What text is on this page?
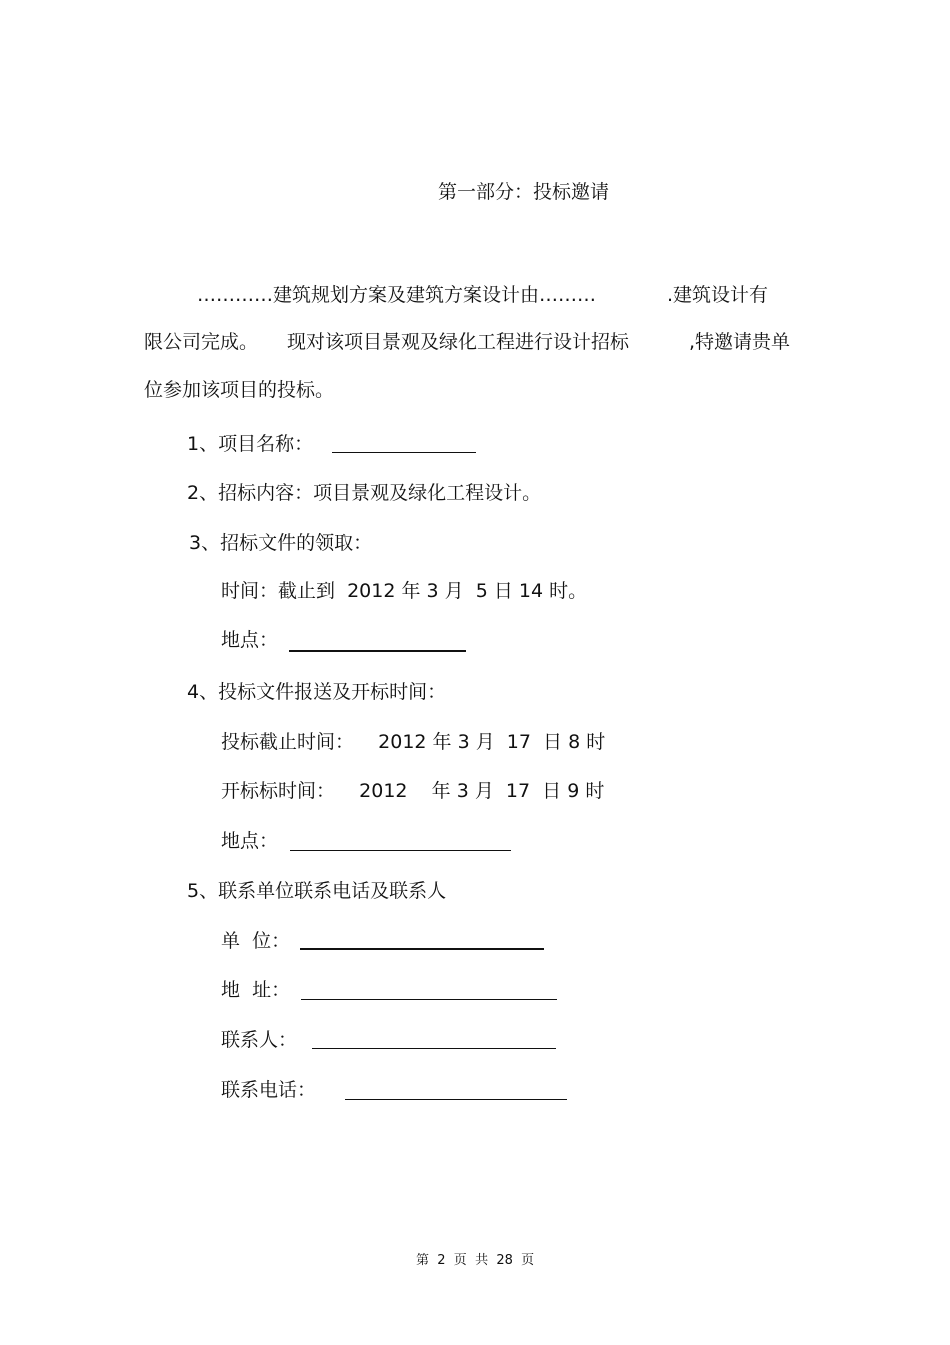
第一部分：投标邀请
…………建筑规划方案及建筑方案设计由………	.建筑设计有
限公司完成。 现对该项目景观及绿化工程进行设计招标	,特邀请贵单
位参加该项目的投标。
1、项目名称：
2、招标内容：项目景观及绿化工程设计。
3、招标文件的领取：
时间：截止到  2012 年 3 月  5 日 14 时。
地点：
4、投标文件报送及开标时间：
投标截止时间：    2012 年 3 月  17  日 8 时
开标标时间：    2012    年 3 月  17  日 9 时
地点：
5、联系单位联系电话及联系人
单  位：
地  址：
联系人：
联系电话：
第  2  页  共  28  页
